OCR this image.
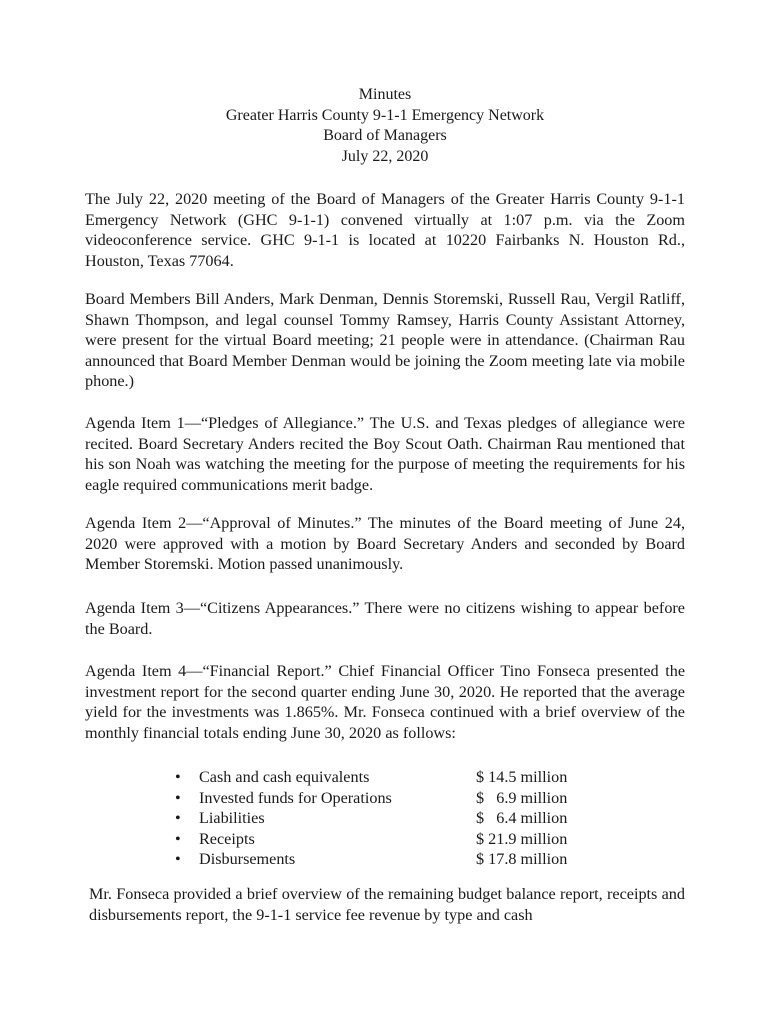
Minutes
Greater Harris County 9-1-1 Emergency Network
Board of Managers
July 22, 2020

The July 22, 2020 meeting of the Board of Managers of the Greater Harris County 9-1-1 Emergency Network (GHC 9-1-1) convened virtually at 1:07 p.m. via the Zoom videoconference service. GHC 9-1-1 is located at 10220 Fairbanks N. Houston Rd., Houston, Texas 77064.

Board Members Bill Anders, Mark Denman, Dennis Storemski, Russell Rau, Vergil Ratliff, Shawn Thompson, and legal counsel Tommy Ramsey, Harris County Assistant Attorney, were present for the virtual Board meeting; 21 people were in attendance. (Chairman Rau announced that Board Member Denman would be joining the Zoom meeting late via mobile phone.)

Agenda Item 1—“Pledges of Allegiance.” The U.S. and Texas pledges of allegiance were recited. Board Secretary Anders recited the Boy Scout Oath. Chairman Rau mentioned that his son Noah was watching the meeting for the purpose of meeting the requirements for his eagle required communications merit badge.

Agenda Item 2—“Approval of Minutes.” The minutes of the Board meeting of June 24, 2020 were approved with a motion by Board Secretary Anders and seconded by Board Member Storemski. Motion passed unanimously.

Agenda Item 3—“Citizens Appearances.” There were no citizens wishing to appear before the Board.

Agenda Item 4—“Financial Report.” Chief Financial Officer Tino Fonseca presented the investment report for the second quarter ending June 30, 2020. He reported that the average yield for the investments was 1.865%. Mr. Fonseca continued with a brief overview of the monthly financial totals ending June 30, 2020 as follows:

• Cash and cash equivalents	$ 14.5 million
• Invested funds for Operations	$   6.9 million
• Liabilities	$   6.4 million
• Receipts	$ 21.9 million
• Disbursements	$ 17.8 million

Mr. Fonseca provided a brief overview of the remaining budget balance report, receipts and disbursements report, the 9-1-1 service fee revenue by type and cash
